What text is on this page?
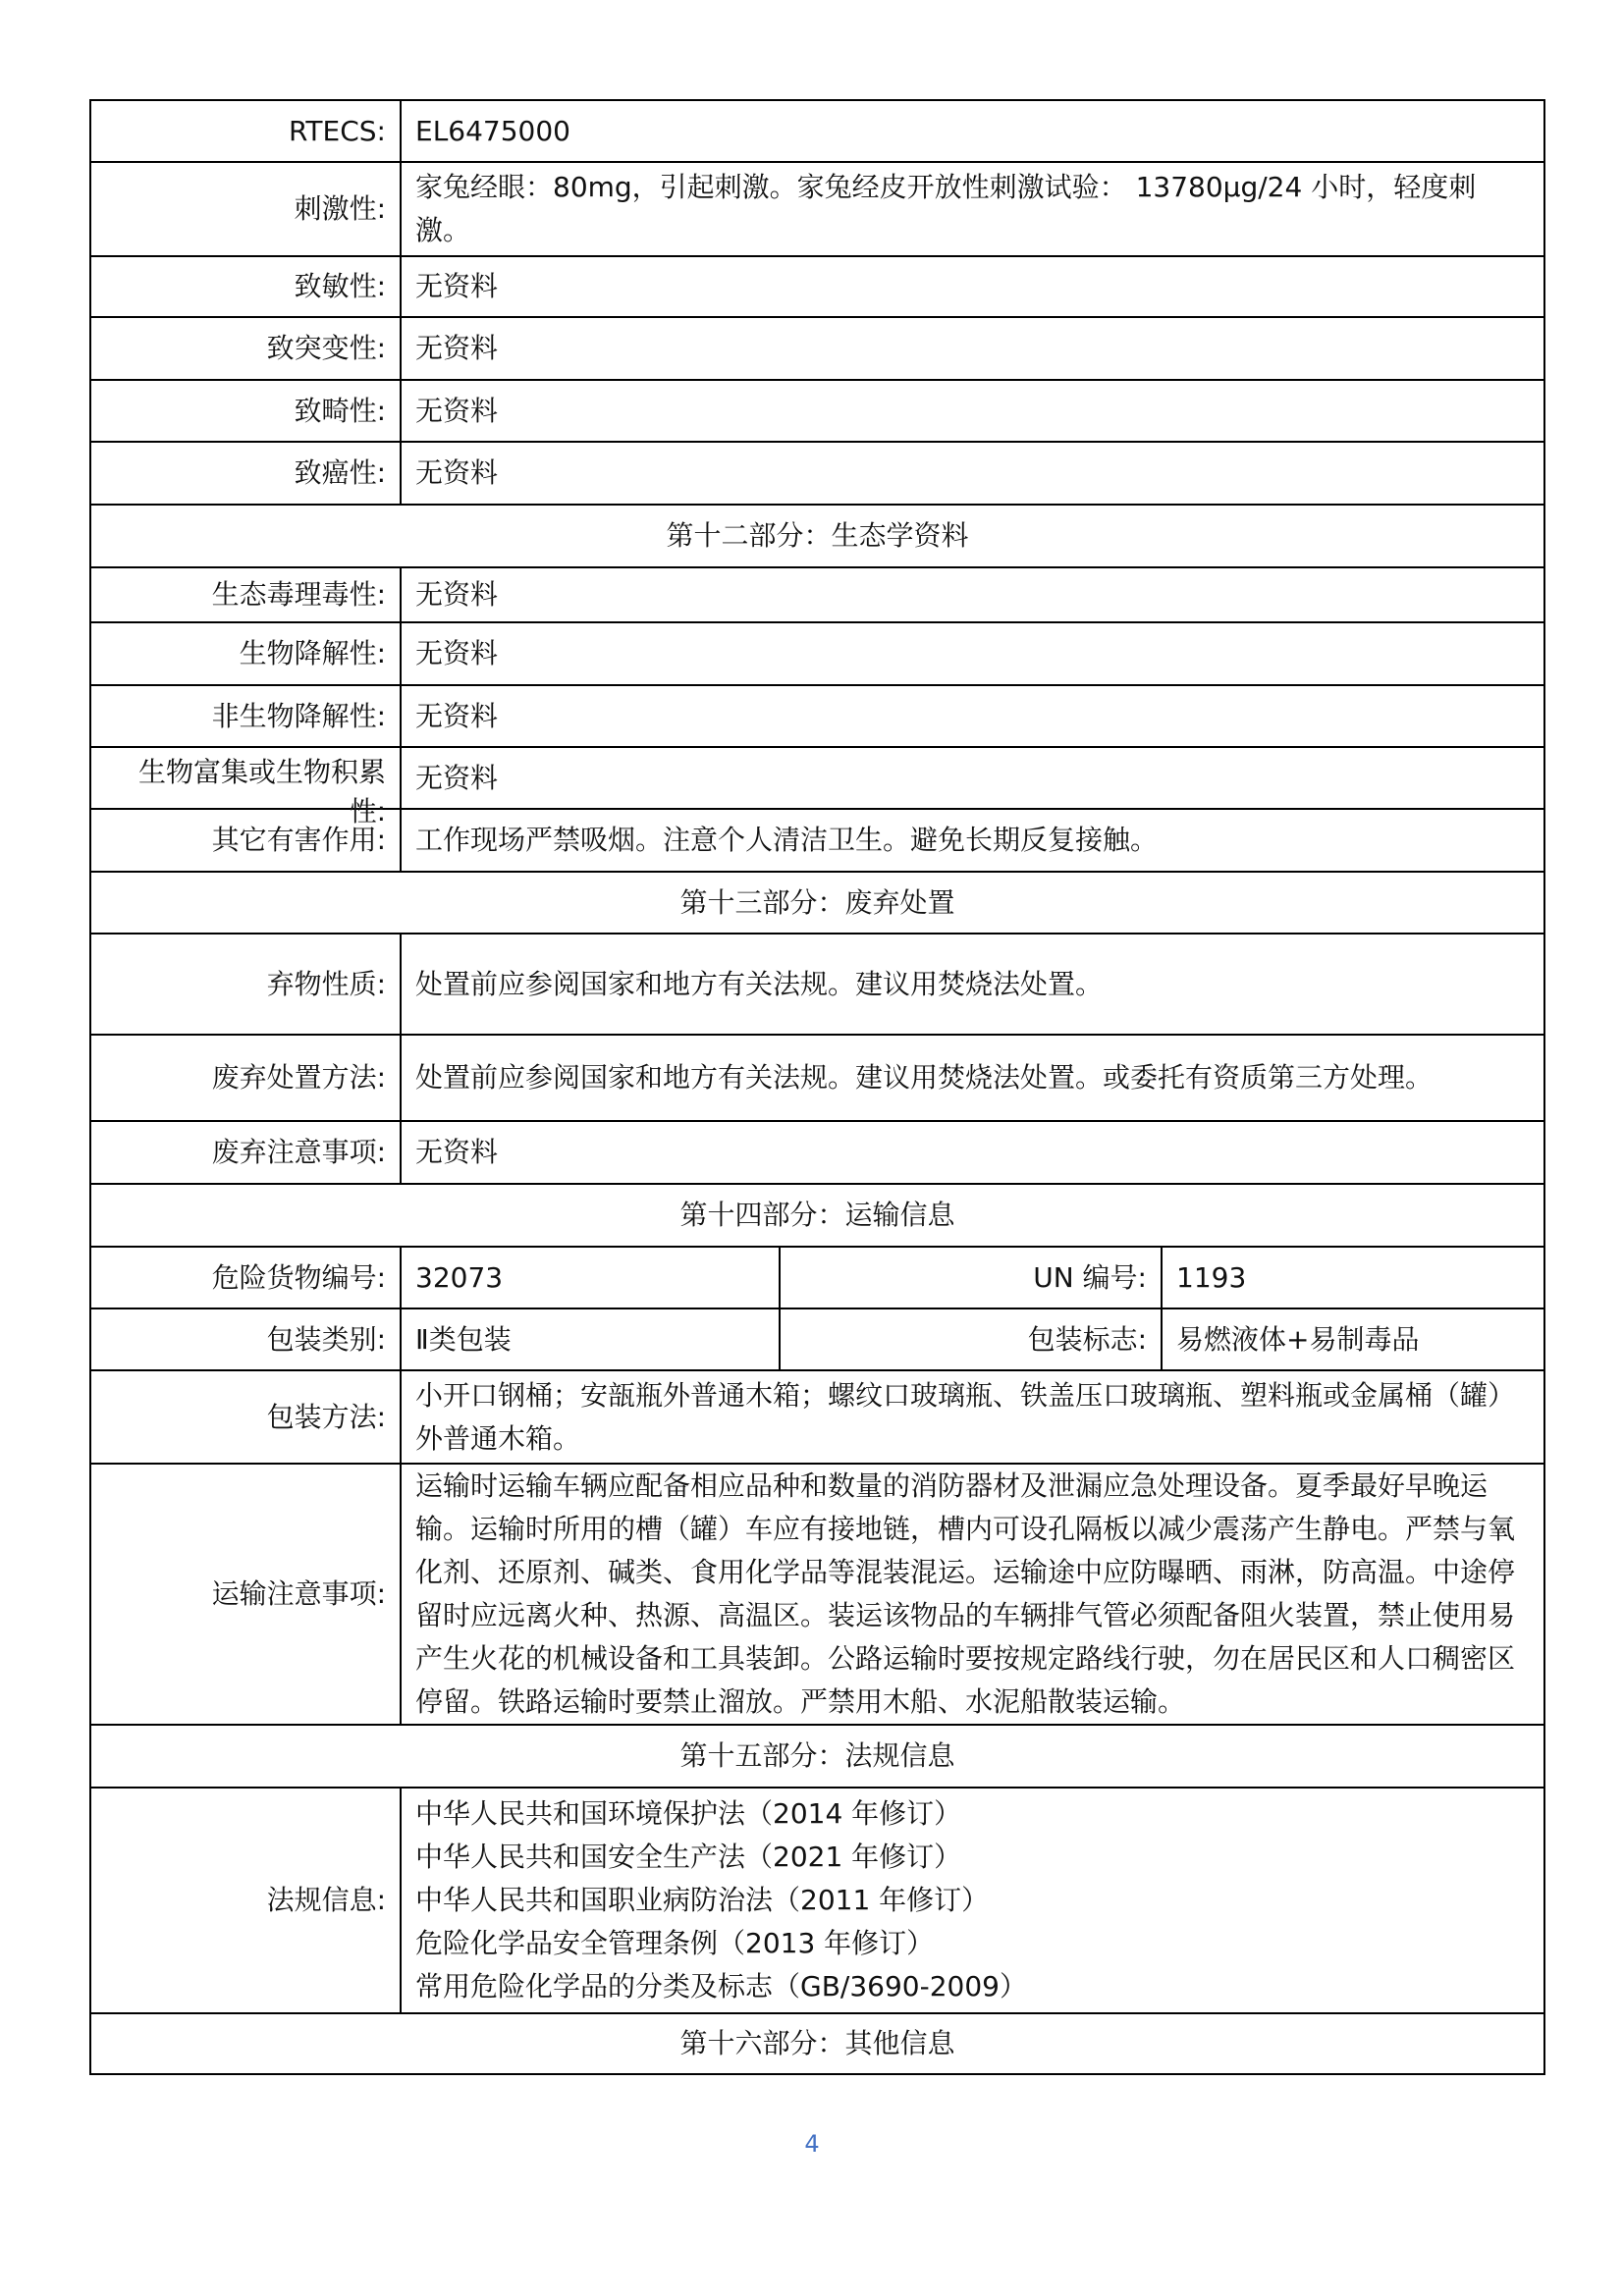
RTECS:	EL6475000		
刺激性:	家兔经眼：80mg，引起刺激。家兔经皮开放性刺激试验： 13780μg/24 小时，轻度刺激。		
致敏性:	无资料		
致突变性:	无资料		
致畸性:	无资料		
致癌性:	无资料		
第十二部分：生态学资料			
生态毒理毒性:	无资料		
生物降解性:	无资料		
非生物降解性:	无资料		

生物富集或生物积累性:	无资料		
其它有害作用:	工作现场严禁吸烟。注意个人清洁卫生。避免长期反复接触。		
第十三部分：废弃处置			
弃物性质:	处置前应参阅国家和地方有关法规。建议用焚烧法处置。		
废弃处置方法:	处置前应参阅国家和地方有关法规。建议用焚烧法处置。或委托有资质第三方处理。		
废弃注意事项:	无资料		
第十四部分：运输信息			
危险货物编号:	32073	UN 编号:	1193
包装类别:	Ⅱ类包装	包装标志:	易燃液体+易制毒品
包装方法:	小开口钢桶；安瓿瓶外普通木箱；螺纹口玻璃瓶、铁盖压口玻璃瓶、塑料瓶或金属桶（罐）外普通木箱。		
运输注意事项:	运输时运输车辆应配备相应品种和数量的消防器材及泄漏应急处理设备。夏季最好早晚运输。运输时所用的槽（罐）车应有接地链，槽内可设孔隔板以减少震荡产生静电。严禁与氧化剂、还原剂、碱类、食用化学品等混装混运。运输途中应防曝晒、雨淋，防高温。中途停留时应远离火种、热源、高温区。装运该物品的车辆排气管必须配备阻火装置，禁止使用易产生火花的机械设备和工具装卸。公路运输时要按规定路线行驶，勿在居民区和人口稠密区停留。铁路运输时要禁止溜放。严禁用木船、水泥船散装运输。		
第十五部分：法规信息			
法规信息:	中华人民共和国环境保护法（2014 年修订）
中华人民共和国安全生产法（2021 年修订）
中华人民共和国职业病防治法（2011 年修订）
危险化学品安全管理条例（2013 年修订）
常用危险化学品的分类及标志（GB/3690-2009）		

第十六部分：其他信息			
4
